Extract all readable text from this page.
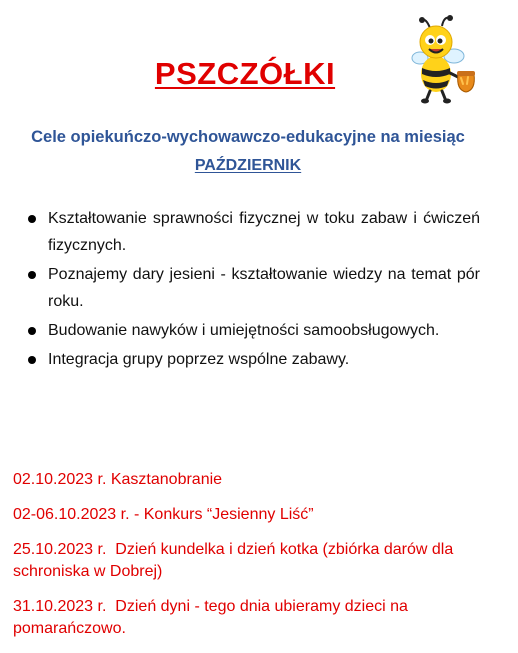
PSZCZÓŁKI
Cele opiekuńczo-wychowawczo-edukacyjne na miesiąc
PAŹDZIERNIK
Kształtowanie sprawności fizycznej w toku zabaw i ćwiczeń fizycznych.
Poznajemy dary jesieni - kształtowanie wiedzy na temat pór roku.
Budowanie nawyków i umiejętności samoobsługowych.
Integracja grupy poprzez wspólne zabawy.
02.10.2023 r. Kasztanobranie
02-06.10.2023 r. - Konkurs “Jesienny Liść”
25.10.2023 r.  Dzień kundelka i dzień kotka (zbiórka darów dla schroniska w Dobrej)
31.10.2023 r.  Dzień dyni - tego dnia ubieramy dzieci na pomarańczowo.
